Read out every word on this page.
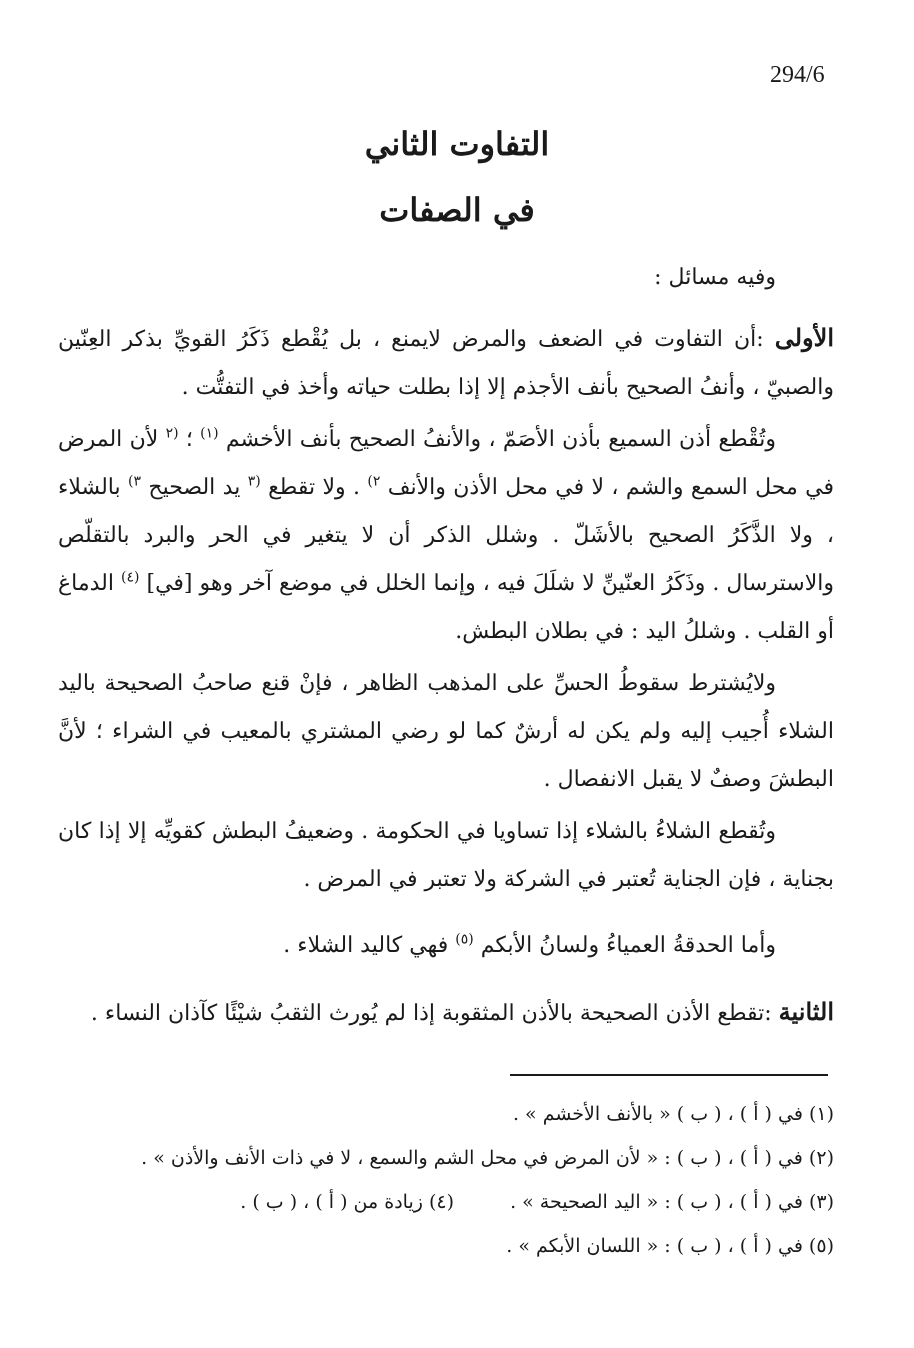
294/6
التفاوت الثاني
في الصفات
وفيه مسائل :
الأولى :أن التفاوت في الضعف والمرض لايمنع ، بل يُقْطع ذَكَرُ القويِّ بذكر العِنّين والصبيّ ، وأنفُ الصحيح بأنف الأجذم إلا إذا بطلت حياته وأخذ في التفتُّت .
وتُقْطع أذن السميع بأذن الأصَمّ ، والأنفُ الصحيح بأنف الأخشم $^{(١)}$ ؛ $^{(٢}$ لأن المرض في محل السمع والشم ، لا في محل الأذن والأنف $^{٢)}$ . ولا تقطع $^{(٣}$ يد الصحيح $^{٣)}$ بالشلاء ، ولا الذَّكَرُ الصحيح بالأشَلّ . وشلل الذكر أن لا يتغير في الحر والبرد بالتقلّص والاسترسال . وذَكَرُ العنّينِّ لا شلَلَ فيه ، وإنما الخلل في موضع آخر وهو [في] $^{(٤)}$ الدماغ أو القلب . وشللُ اليد : في بطلان البطش.
ولايُشترط سقوطُ الحسِّ على المذهب الظاهر ، فإنْ قنع صاحبُ الصحيحة باليد الشلاء أُجيب إليه ولم يكن له أرشٌ كما لو رضي المشتري بالمعيب في الشراء ؛ لأنَّ البطشَ وصفٌ لا يقبل الانفصال .
وتُقطع الشلاءُ بالشلاء إذا تساويا في الحكومة . وضعيفُ البطش كقويِّه إلا إذا كان بجناية ، فإن الجناية تُعتبر في الشركة ولا تعتبر في المرض .
وأما الحدقةُ العمياءُ ولسانُ الأبكم $^{(٥)}$ فهي كاليد الشلاء .
الثانية :تقطع الأذن الصحيحة بالأذن المثقوبة إذا لم يُورث الثقبُ شيْئًا كآذان النساء .
(١) في ( أ ) ، ( ب ) « بالأنف الأخشم » .
(٢) في ( أ ) ، ( ب ) : « لأن المرض في محل الشم والسمع ، لا في ذات الأنف والأذن » .
(٣) في ( أ ) ، ( ب ) : « اليد الصحيحة » .
(٤) زيادة من ( أ ) ، ( ب ) .
(٥) في ( أ ) ، ( ب ) : « اللسان الأبكم » .
